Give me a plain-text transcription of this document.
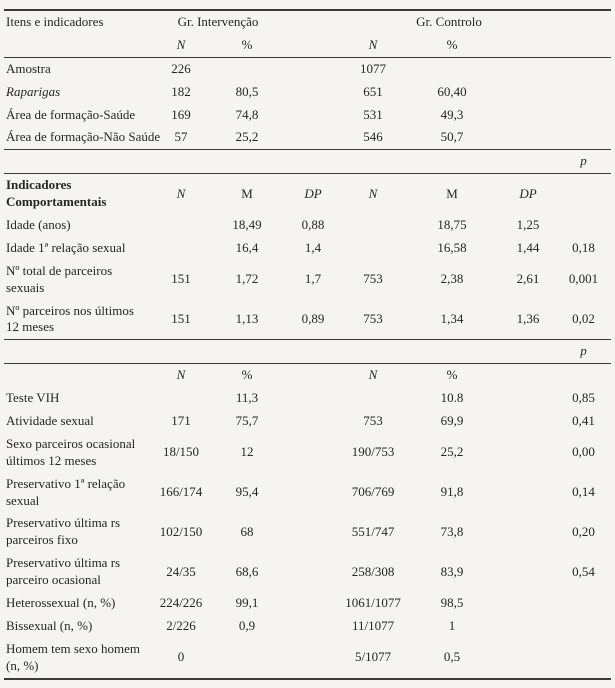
Itens e indicadores	Gr. Intervenção			Gr. Controlo			
	N	%		N	%		
Amostra	226			1077			
Raparigas	182	80,5		651	60,40		
Área de formação-Saúde	169	74,8		531	49,3		
Área de formação-Não Saúde	57	25,2		546	50,7		
							p

Indicadores
Comportamentais	N	M	DP	N	M	DP	
Idade (anos)		18,49	0,88		18,75	1,25	
Idade 1ª relação sexual		16,4	1,4		16,58	1,44	0,18

Nº total de parceiros
sexuais	151	1,72	1,7	753	2,38	2,61	0,001

Nº parceiros nos últimos
12 meses	151	1,13	0,89	753	1,34	1,36	0,02
							p
	N	%		N	%		
Teste VIH		11,3			10.8		0,85
Atividade sexual	171	75,7		753	69,9		0,41

Sexo parceiros ocasional
últimos 12 meses	18/150	12		190/753	25,2		0,00

Preservativo 1ª relação
sexual	166/174	95,4		706/769	91,8		0,14

Preservativo última rs
parceiros fixo	102/150	68		551/747	73,8		0,20

Preservativo última rs
parceiro ocasional	24/35	68,6		258/308	83,9		0,54
Heterossexual (n, %)	224/226	99,1		1061/1077	98,5		
Bissexual (n, %)	2/226	0,9		11/1077	1		

Homem tem sexo homem
(n, %)	0			5/1077	0,5		
